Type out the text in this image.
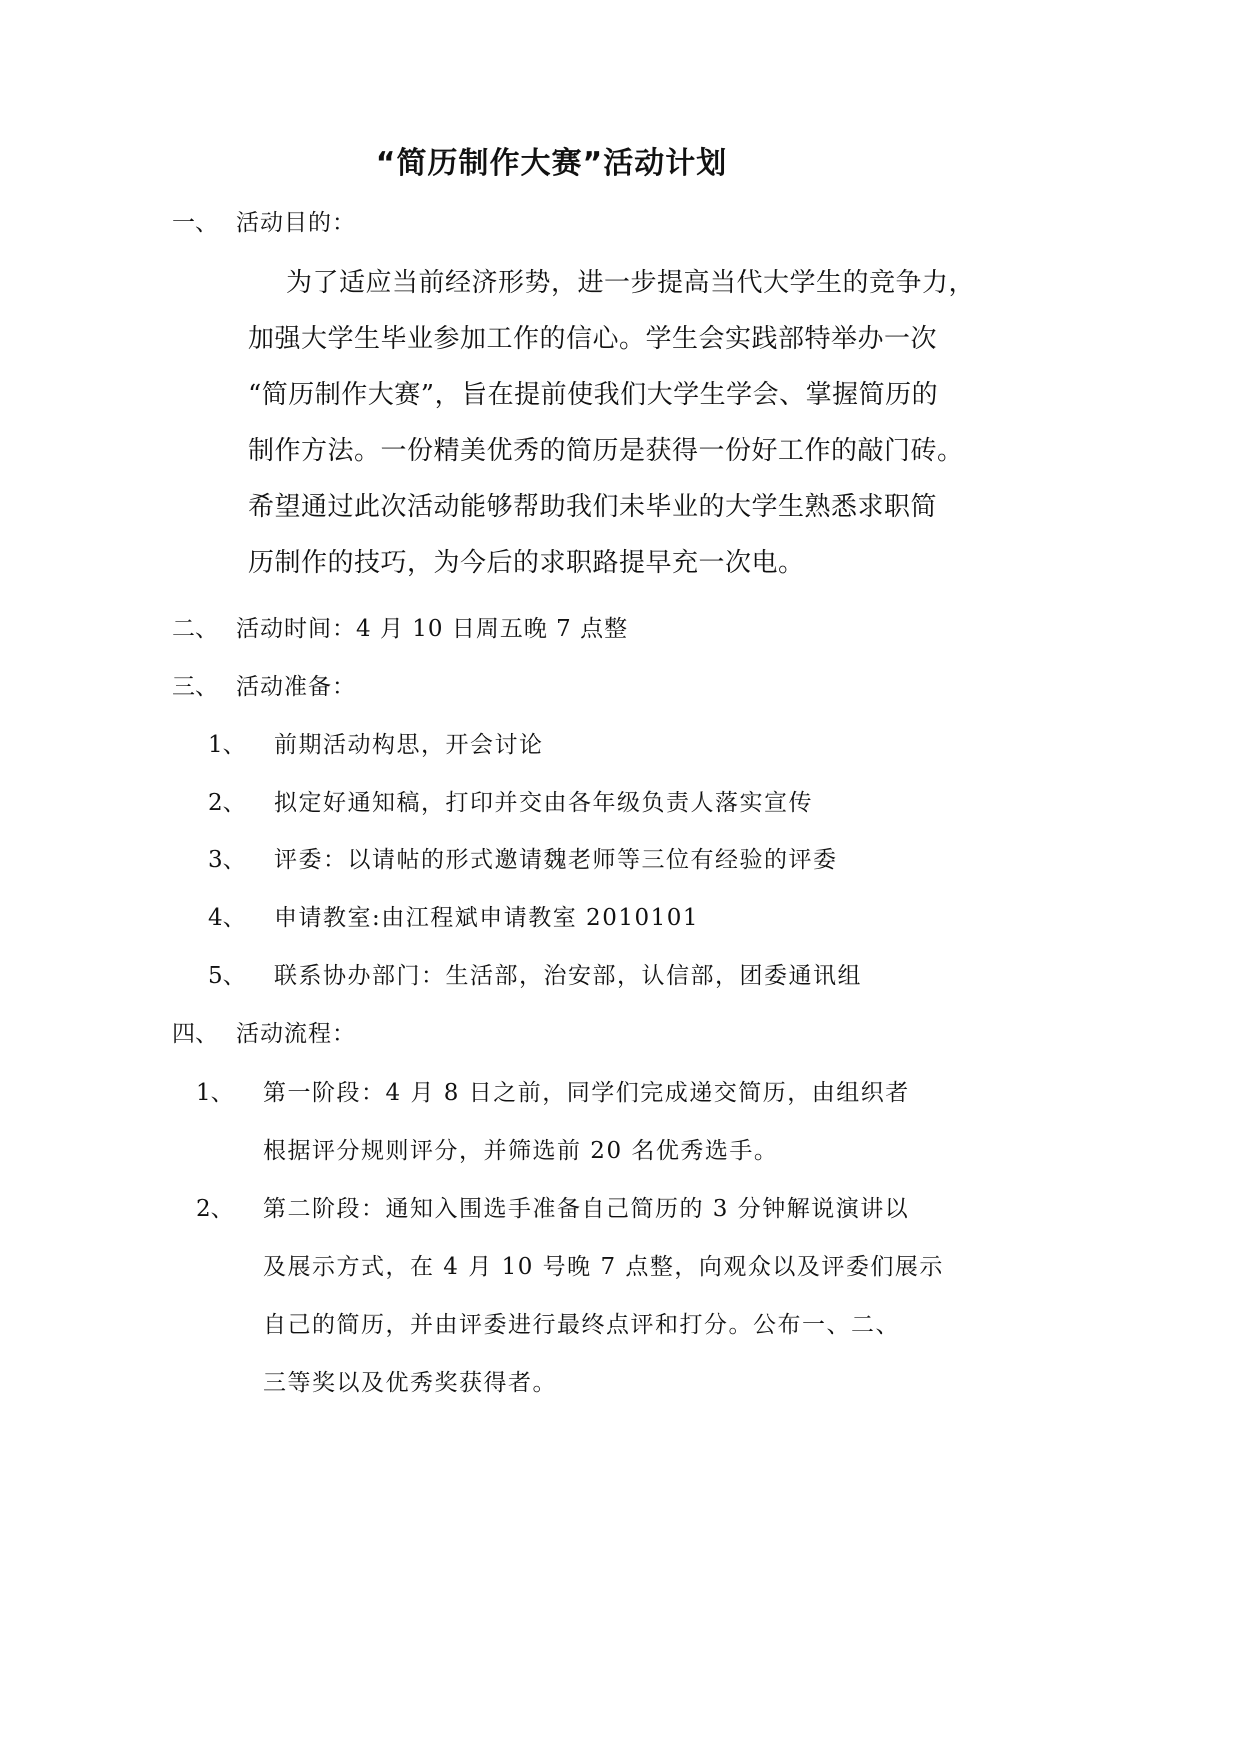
“简历制作大赛”活动计划
一、 活动目的：
为了适应当前经济形势，进一步提高当代大学生的竞争力，
加强大学生毕业参加工作的信心。学生会实践部特举办一次
“简历制作大赛”，旨在提前使我们大学生学会、掌握简历的
制作方法。一份精美优秀的简历是获得一份好工作的敲门砖。
希望通过此次活动能够帮助我们未毕业的大学生熟悉求职简
历制作的技巧，为今后的求职路提早充一次电。
二、 活动时间：4 月 10 日周五晚 7 点整
三、 活动准备：
1、 前期活动构思，开会讨论
2、 拟定好通知稿，打印并交由各年级负责人落实宣传
3、 评委：以请帖的形式邀请魏老师等三位有经验的评委
4、 申请教室:由江程斌申请教室 2010101
5、 联系协办部门：生活部，治安部，认信部，团委通讯组
四、 活动流程：
1、 第一阶段：4 月 8 日之前，同学们完成递交简历，由组织者
根据评分规则评分，并筛选前 20 名优秀选手。
2、 第二阶段：通知入围选手准备自己简历的 3 分钟解说演讲以
及展示方式，在 4 月 10 号晚 7 点整，向观众以及评委们展示
自己的简历，并由评委进行最终点评和打分。公布一、二、
三等奖以及优秀奖获得者。
